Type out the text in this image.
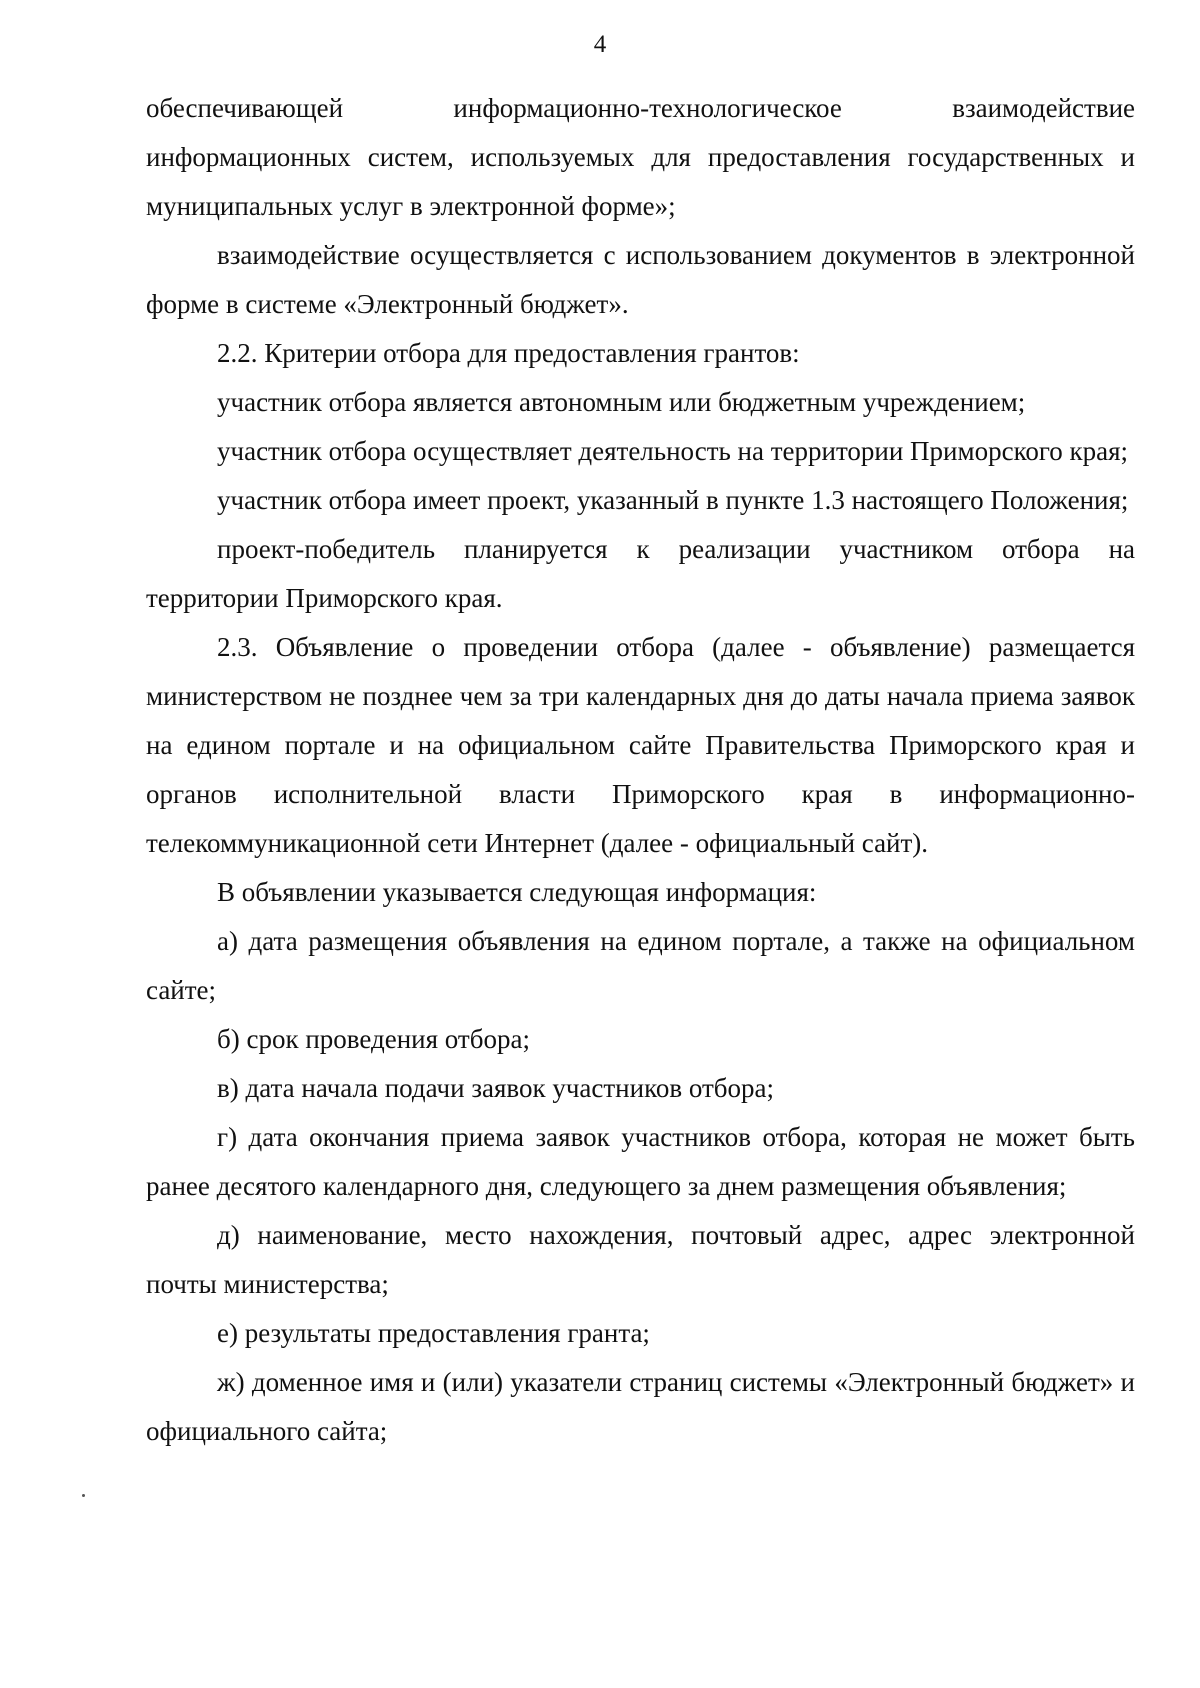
4

обеспечивающей информационно-технологическое взаимодействие информационных систем, используемых для предоставления государственных и муниципальных услуг в электронной форме»;

взаимодействие осуществляется с использованием документов в электронной форме в системе «Электронный бюджет».

2.2. Критерии отбора для предоставления грантов:

участник отбора является автономным или бюджетным учреждением;

участник отбора осуществляет деятельность на территории Приморского края;

участник отбора имеет проект, указанный в пункте 1.3 настоящего Положения;

проект-победитель планируется к реализации участником отбора на территории Приморского края.

2.3. Объявление о проведении отбора (далее - объявление) размещается министерством не позднее чем за три календарных дня до даты начала приема заявок на едином портале и на официальном сайте Правительства Приморского края и органов исполнительной власти Приморского края в информационно-телекоммуникационной сети Интернет (далее - официальный сайт).

В объявлении указывается следующая информация:

а) дата размещения объявления на едином портале, а также на официальном сайте;

б) срок проведения отбора;

в) дата начала подачи заявок участников отбора;

г) дата окончания приема заявок участников отбора, которая не может быть ранее десятого календарного дня, следующего за днем размещения объявления;

д) наименование, место нахождения, почтовый адрес, адрес электронной почты министерства;

е) результаты предоставления гранта;

ж) доменное имя и (или) указатели страниц системы «Электронный бюджет» и официального сайта;
